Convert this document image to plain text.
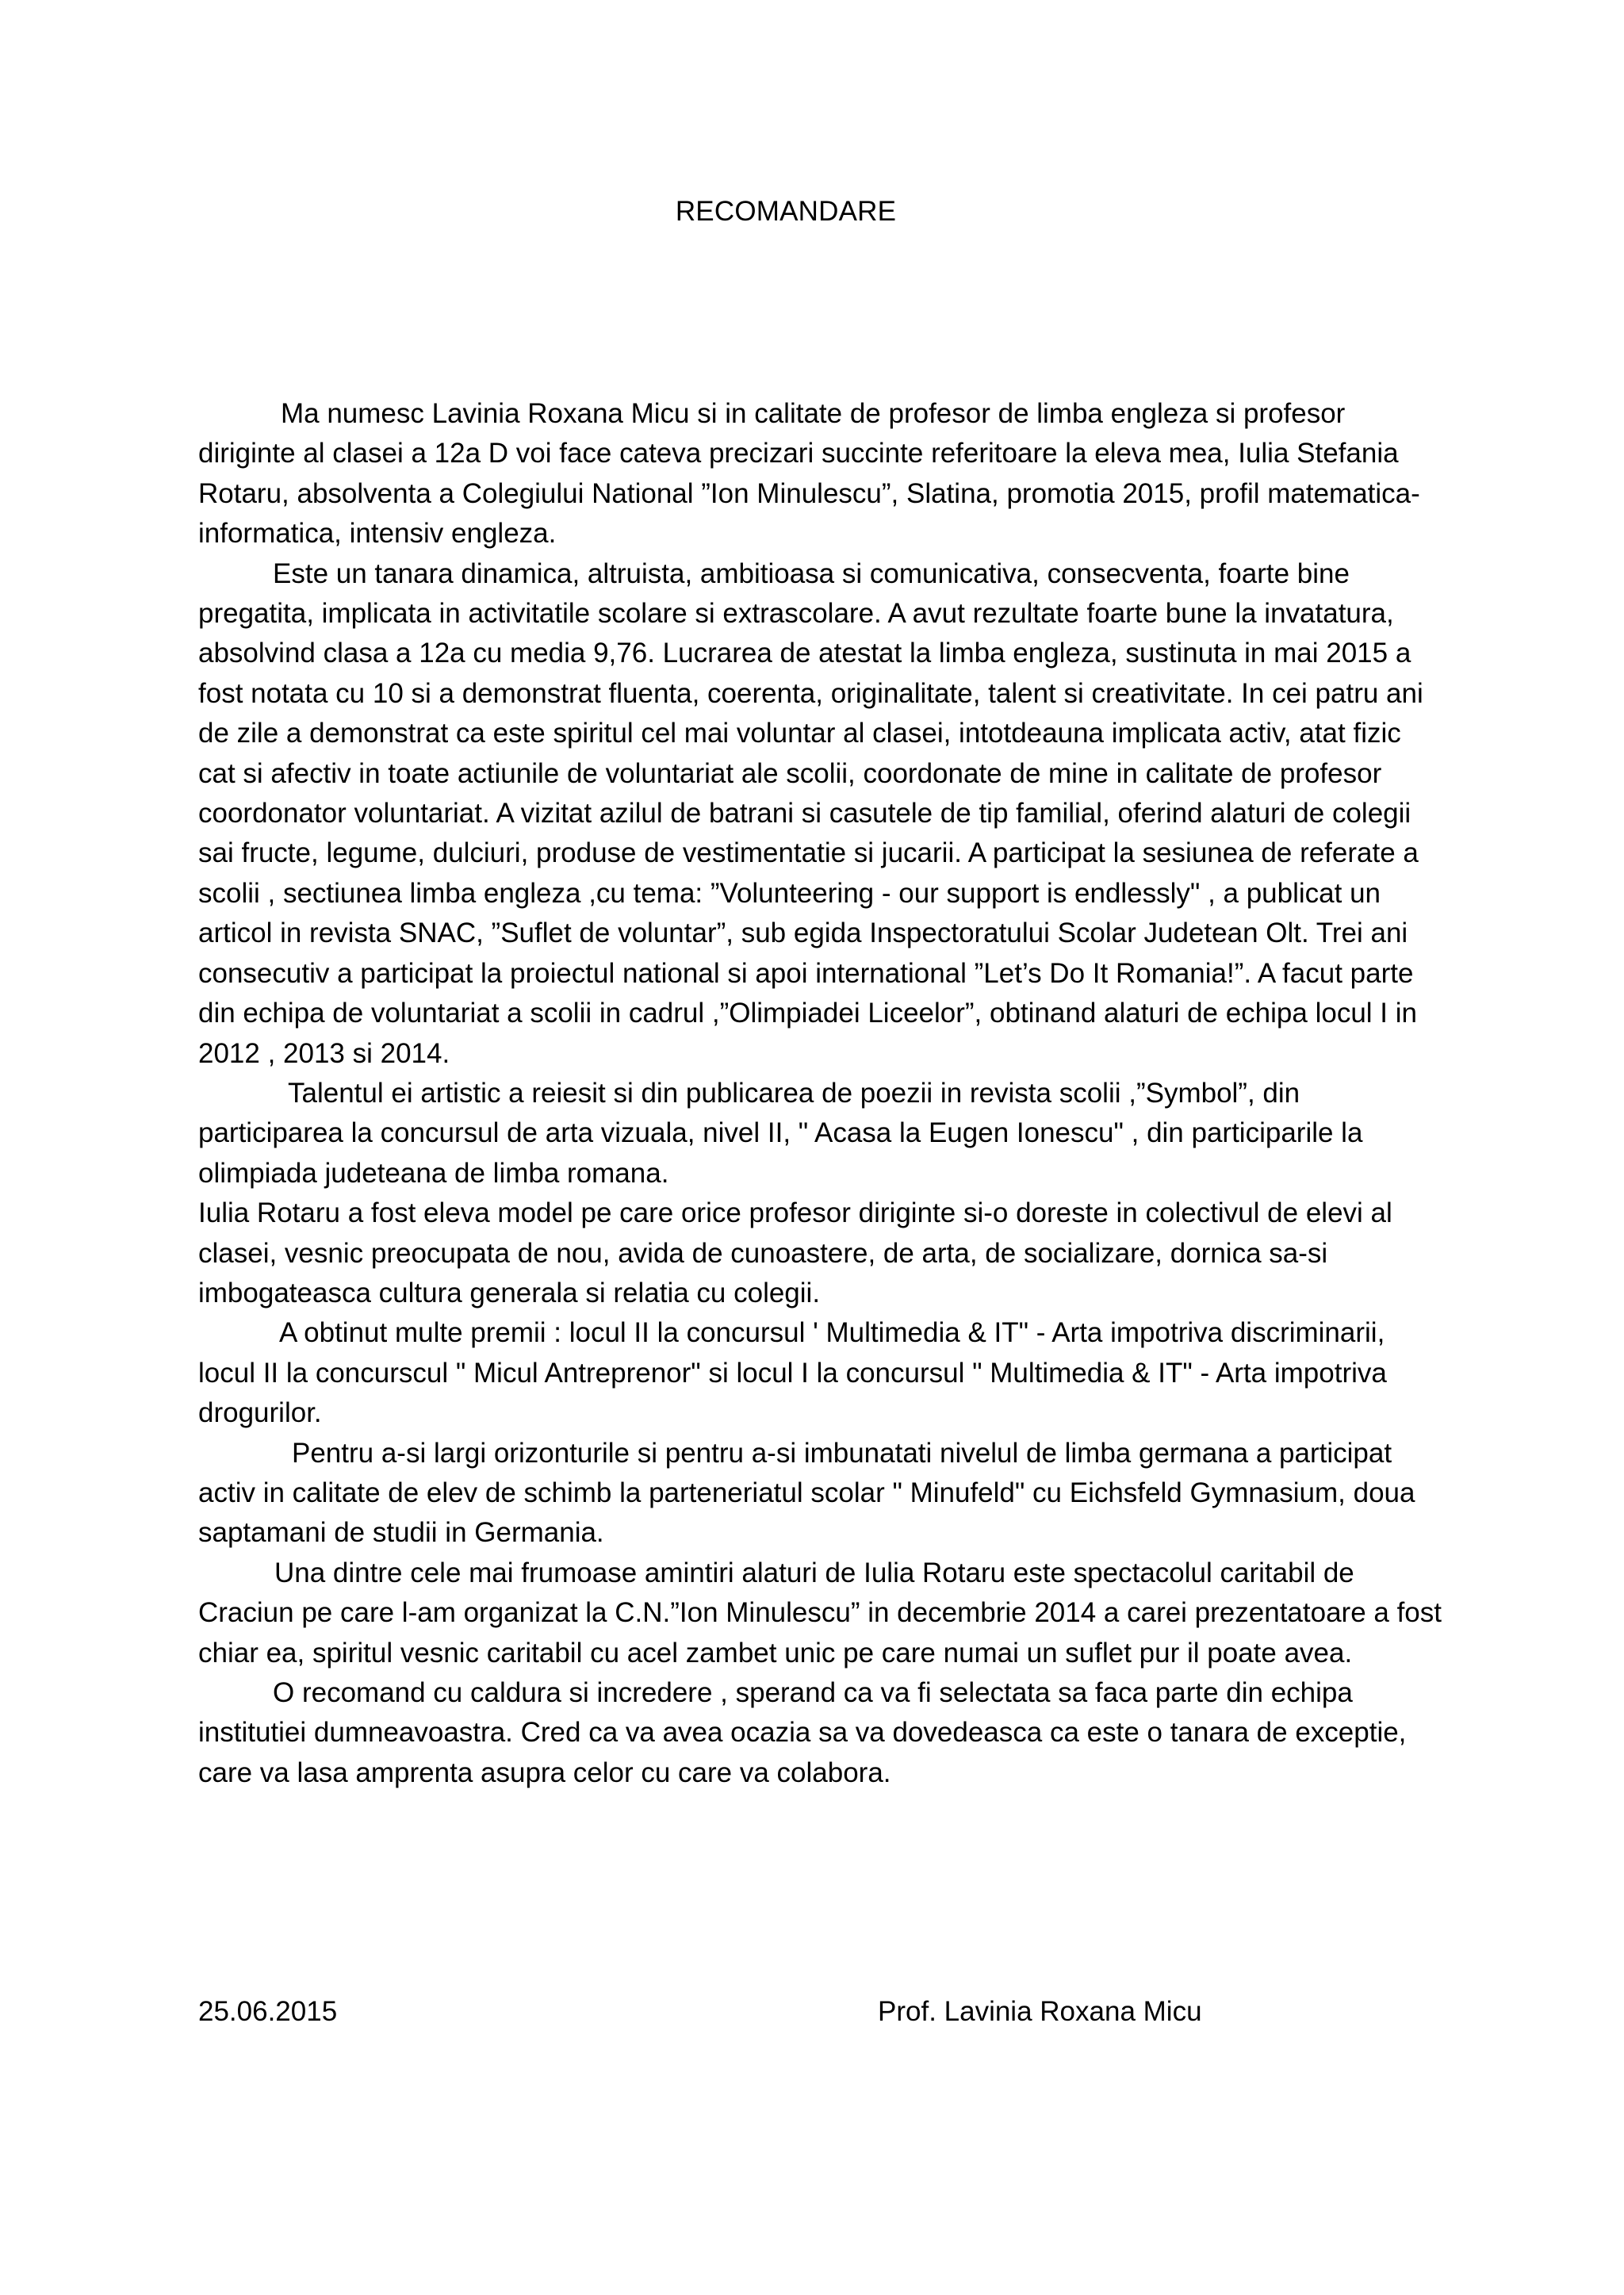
RECOMANDARE

Ma numesc Lavinia Roxana Micu si in calitate de profesor de limba engleza si profesor diriginte al clasei a 12a D voi face cateva precizari succinte referitoare la eleva mea, Iulia Stefania Rotaru, absolventa a Colegiului National ”Ion Minulescu”, Slatina, promotia 2015, profil matematica-informatica, intensiv engleza.

Este un tanara dinamica, altruista, ambitioasa si comunicativa, consecventa, foarte bine pregatita, implicata in activitatile scolare si extrascolare. A avut rezultate foarte bune la invatatura, absolvind clasa a 12a cu media 9,76. Lucrarea de atestat la limba engleza, sustinuta in mai 2015 a fost notata cu 10 si a demonstrat fluenta, coerenta, originalitate, talent si creativitate. In cei patru ani de zile a demonstrat ca este spiritul cel mai voluntar al clasei, intotdeauna implicata activ, atat fizic cat si afectiv in toate actiunile de voluntariat ale scolii, coordonate de mine in calitate de profesor coordonator voluntariat. A vizitat azilul de batrani si casutele de tip familial, oferind alaturi de colegii sai fructe, legume, dulciuri, produse de vestimentatie si jucarii. A participat la sesiunea de referate a scolii , sectiunea limba engleza ,cu tema: ”Volunteering - our support is endlessly" , a publicat un articol in revista SNAC, ”Suflet de voluntar”, sub egida Inspectoratului Scolar Judetean Olt. Trei ani consecutiv a participat la proiectul national si apoi international ”Let’s Do It Romania!”. A facut parte din echipa de voluntariat a scolii in cadrul ,”Olimpiadei Liceelor”, obtinand alaturi de echipa locul I in 2012 , 2013 si 2014.

Talentul ei artistic a reiesit si din publicarea de poezii in revista scolii ,”Symbol”, din participarea la concursul de arta vizuala, nivel II, " Acasa la Eugen Ionescu" , din participarile la olimpiada judeteana de limba romana.

Iulia Rotaru a fost eleva model pe care orice profesor diriginte si-o doreste in colectivul de elevi al clasei, vesnic preocupata de nou, avida de cunoastere, de arta, de socializare, dornica sa-si imbogateasca cultura generala si relatia cu colegii.

A obtinut multe premii : locul II la concursul ' Multimedia & IT" - Arta impotriva discriminarii, locul II la concurscul " Micul Antreprenor" si locul I la concursul " Multimedia & IT" - Arta impotriva drogurilor.

Pentru a-si largi orizonturile si pentru a-si imbunatati nivelul de limba germana a participat activ in calitate de elev de schimb la parteneriatul scolar " Minufeld" cu Eichsfeld Gymnasium, doua saptamani de studii in Germania.

Una dintre cele mai frumoase amintiri alaturi de Iulia Rotaru este spectacolul caritabil de Craciun pe care l-am organizat la C.N.”Ion Minulescu” in decembrie 2014 a carei prezentatoare a fost chiar ea, spiritul vesnic caritabil cu acel zambet unic pe care numai un suflet pur il poate avea.

O recomand cu caldura si incredere , sperand ca va fi selectata sa faca parte din echipa institutiei dumneavoastra. Cred ca va avea ocazia sa va dovedeasca ca este o tanara de exceptie, care va lasa amprenta asupra celor cu care va colabora.

25.06.2015	Prof. Lavinia Roxana Micu
